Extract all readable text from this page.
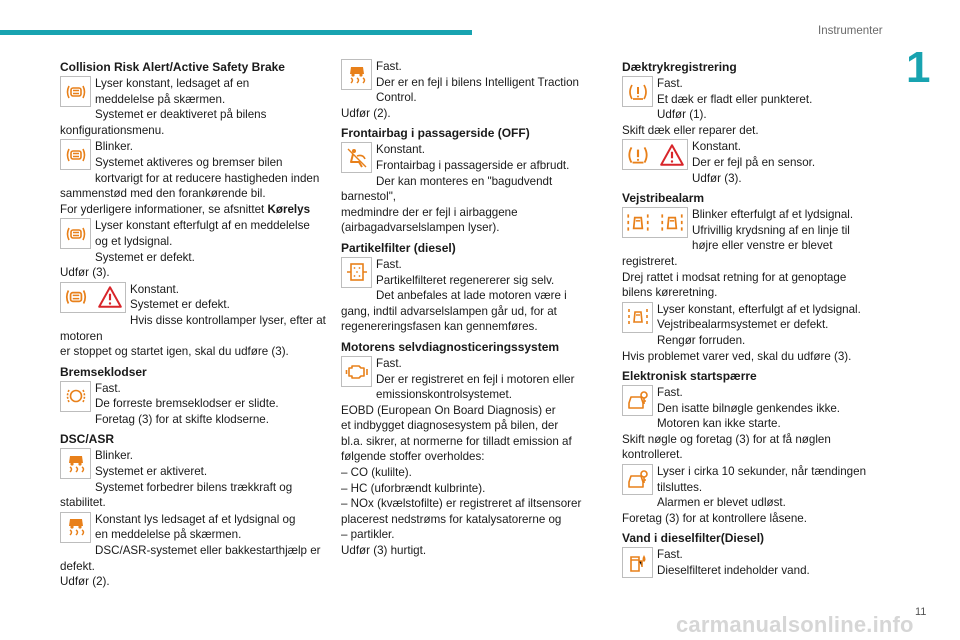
Instrumenter
1
Collision Risk Alert/Active Safety Brake

Lyser konstant, ledsaget af en

meddelelse på skærmen.

Systemet er deaktiveret på bilens

konfigurationsmenu.

Blinker.

Systemet aktiveres og bremser bilen

kortvarigt for at reducere hastigheden inden

sammenstød med den forankørende bil.

For yderligere informationer, se afsnittet Kørelys

Lyser konstant efterfulgt af en meddelelse

og et lydsignal.

Systemet er defekt.

Udfør (3).

Konstant.

Systemet er defekt.

Hvis disse kontrollamper lyser, efter at motoren

er stoppet og startet igen, skal du udføre (3).

Bremseklodser

Fast.

De forreste bremseklodser er slidte.

Foretag (3) for at skifte klodserne.

DSC/ASR

Blinker.

Systemet er aktiveret.

Systemet forbedrer bilens trækkraft og stabilitet.

Konstant lys ledsaget af et lydsignal og

en meddelelse på skærmen.

DSC/ASR-systemet eller bakkestarthjælp er

defekt.

Udfør (2).

Fast.

Der er en fejl i bilens Intelligent Traction

Control.

Udfør (2).

Frontairbag i passagerside (OFF)

Konstant.

Frontairbag i passagerside er afbrudt.

Der kan monteres en "bagudvendt barnestol",

medmindre der er fejl i airbaggene

(airbagadvarselslampen lyser).

Partikelfilter (diesel)

Fast.

Partikelfilteret regenererer sig selv.

Det anbefales at lade motoren være i

gang, indtil advarselslampen går ud, for at

regenereringsfasen kan gennemføres.

Motorens selvdiagnosticeringssystem

Fast.

Der er registreret en fejl i motoren eller

emissionskontrolsystemet.

EOBD (European On Board Diagnosis) er

et indbygget diagnosesystem på bilen, der

bl.a. sikrer, at normerne for tilladt emission af

følgende stoffer overholdes:

– CO (kulilte).

– HC (uforbrændt kulbrinte).

– NOx (kvælstofilte) er registreret af iltsensorer

placerest nedstrøms for katalysatorerne og

– partikler.

Udfør (3) hurtigt.

Dæktrykregistrering

Fast.

Et dæk er fladt eller punkteret.

Udfør (1).

Skift dæk eller reparer det.

Konstant.

Der er fejl på en sensor.

Udfør (3).

Vejstribealarm

Blinker efterfulgt af et lydsignal.

Ufrivillig krydsning af en linje til

højre eller venstre er blevet registreret.

Drej rattet i modsat retning for at genoptage

bilens køreretning.

Lyser konstant, efterfulgt af et lydsignal.

Vejstribealarmsystemet er defekt.

Rengør forruden.

Hvis problemet varer ved, skal du udføre (3).

Elektronisk startspærre

Fast.

Den isatte bilnøgle genkendes ikke.

Motoren kan ikke starte.

Skift nøgle og foretag (3) for at få nøglen

kontrolleret.

Lyser i cirka 10 sekunder, når tændingen

tilsluttes.

Alarmen er blevet udløst.

Foretag (3) for at kontrollere låsene.

Vand i dieselfilter(Diesel)

Fast.

Dieselfilteret indeholder vand.

carmanualsonline.info 11
